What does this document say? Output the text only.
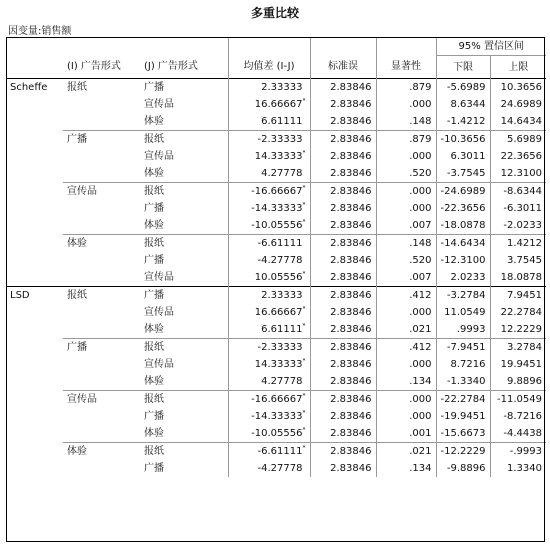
多重比较
因变量:销售额
						95% 置信区间	
	(I) 广告形式	(J) 广告形式	均值差 (I-J)	标准误	显著性	下限	上限
Scheffe	报纸	广播	2.33333	2.83846	.879	-5.6989	10.3656
		宣传品	16.66667*	2.83846	.000	8.6344	24.6989
		体验	6.61111	2.83846	.148	-1.4212	14.6434
	广播	报纸	-2.33333	2.83846	.879	-10.3656	5.6989
		宣传品	14.33333*	2.83846	.000	6.3011	22.3656
		体验	4.27778	2.83846	.520	-3.7545	12.3100
	宣传品	报纸	-16.66667*	2.83846	.000	-24.6989	-8.6344
		广播	-14.33333*	2.83846	.000	-22.3656	-6.3011
		体验	-10.05556*	2.83846	.007	-18.0878	-2.0233
	体验	报纸	-6.61111	2.83846	.148	-14.6434	1.4212
		广播	-4.27778	2.83846	.520	-12.3100	3.7545
		宣传品	10.05556*	2.83846	.007	2.0233	18.0878
LSD	报纸	广播	2.33333	2.83846	.412	-3.2784	7.9451
		宣传品	16.66667*	2.83846	.000	11.0549	22.2784
		体验	6.61111*	2.83846	.021	.9993	12.2229
	广播	报纸	-2.33333	2.83846	.412	-7.9451	3.2784
		宣传品	14.33333*	2.83846	.000	8.7216	19.9451
		体验	4.27778	2.83846	.134	-1.3340	9.8896
	宣传品	报纸	-16.66667*	2.83846	.000	-22.2784	-11.0549
		广播	-14.33333*	2.83846	.000	-19.9451	-8.7216
		体验	-10.05556*	2.83846	.001	-15.6673	-4.4438
	体验	报纸	-6.61111*	2.83846	.021	-12.2229	-.9993
		广播	-4.27778	2.83846	.134	-9.8896	1.3340
